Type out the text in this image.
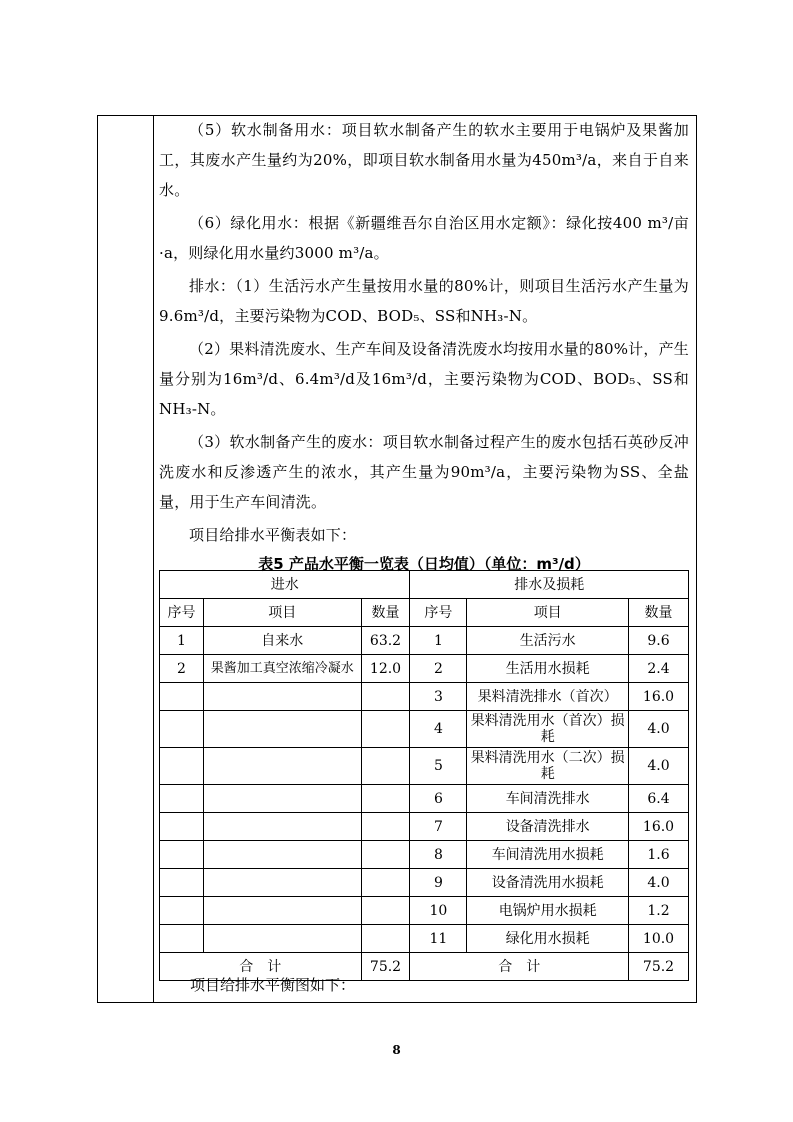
（5）软水制备用水：项目软水制备产生的软水主要用于电锅炉及果酱加工，其废水产生量约为20%，即项目软水制备用水量为450m³/a，来自于自来水。
（6）绿化用水：根据《新疆维吾尔自治区用水定额》：绿化按400 m³/亩·a，则绿化用水量约3000 m³/a。
排水：（1）生活污水产生量按用水量的80%计，则项目生活污水产生量为9.6m³/d，主要污染物为COD、BOD₅、SS和NH₃-N。
（2）果料清洗废水、生产车间及设备清洗废水均按用水量的80%计，产生量分别为16m³/d、6.4m³/d及16m³/d，主要污染物为COD、BOD₅、SS和NH₃-N。
（3）软水制备产生的废水：项目软水制备过程产生的废水包括石英砂反冲洗废水和反渗透产生的浓水，其产生量为90m³/a，主要污染物为SS、全盐量，用于生产车间清洗。
项目给排水平衡表如下：
表5 产品水平衡一览表（日均值）（单位：m³/d）
进水			排水及损耗		
序号	项目	数量	序号	项目	数量
1	自来水	63.2	1	生活污水	9.6
2	果酱加工真空浓缩冷凝水	12.0	2	生活用水损耗	2.4
			3	果料清洗排水（首次）	16.0
			4	果料清洗用水（首次）损耗	4.0
			5	果料清洗用水（二次）损耗	4.0
			6	车间清洗排水	6.4
			7	设备清洗排水	16.0
			8	车间清洗用水损耗	1.6
			9	设备清洗用水损耗	4.0
			10	电锅炉用水损耗	1.2
			11	绿化用水损耗	10.0
合　计		75.2	合　计		75.2
项目给排水平衡图如下：
8
